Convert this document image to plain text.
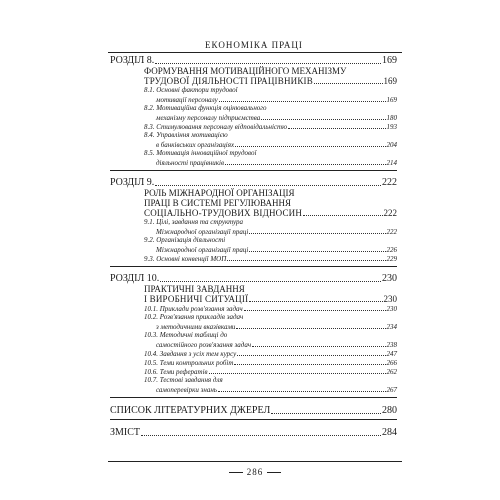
ЕКОНОМІКА ПРАЦІ
РОЗДІЛ 8.	169
ФОРМУВАННЯ МОТИВАЦІЙНОГО МЕХАНІЗМУ
ТРУДОВОЇ ДІЯЛЬНОСТІ ПРАЦІВНИКІВ	169
8.1. Основні фактори трудової
мотивації персоналу	169
8.2. Мотиваційна функція оцінювального
механізму персоналу підприємства	180
8.3. Стимулювання персоналу відповідальністю	193
8.4. Управління мотивацією
в банківських організаціях	204
8.5. Мотивація інноваційної трудової
діяльності працівників	214
РОЗДІЛ 9.	222
РОЛЬ МІЖНАРОДНОЇ ОРГАНІЗАЦІЯ
ПРАЦІ В СИСТЕМІ РЕГУЛЮВАННЯ
СОЦІАЛЬНО-ТРУДОВИХ ВІДНОСИН	222
9.1. Цілі, завдання та структура
Міжнародної організації праці	222
9.2. Організація діяльності
Міжнародної організації праці	226
9.3. Основні конвенції МОП	229
РОЗДІЛ 10.	230
ПРАКТИЧНІ ЗАВДАННЯ
І ВИРОБНИЧІ СИТУАЦІЇ	230
10.1. Приклади розв'язання задач	230
10.2. Розв'язання прикладів задач
з методичними вказівками	234
10.3. Методичні таблиці до
самостійного розв'язання задач	238
10.4. Завдання з усіх тем курсу	247
10.5. Теми контрольних робіт	266
10.6. Теми рефератів	262
10.7. Тестові завдання для
самоперевірки знань	267
СПИСОК ЛІТЕРАТУРНИХ ДЖЕРЕЛ	280
ЗМІСТ	284
286
